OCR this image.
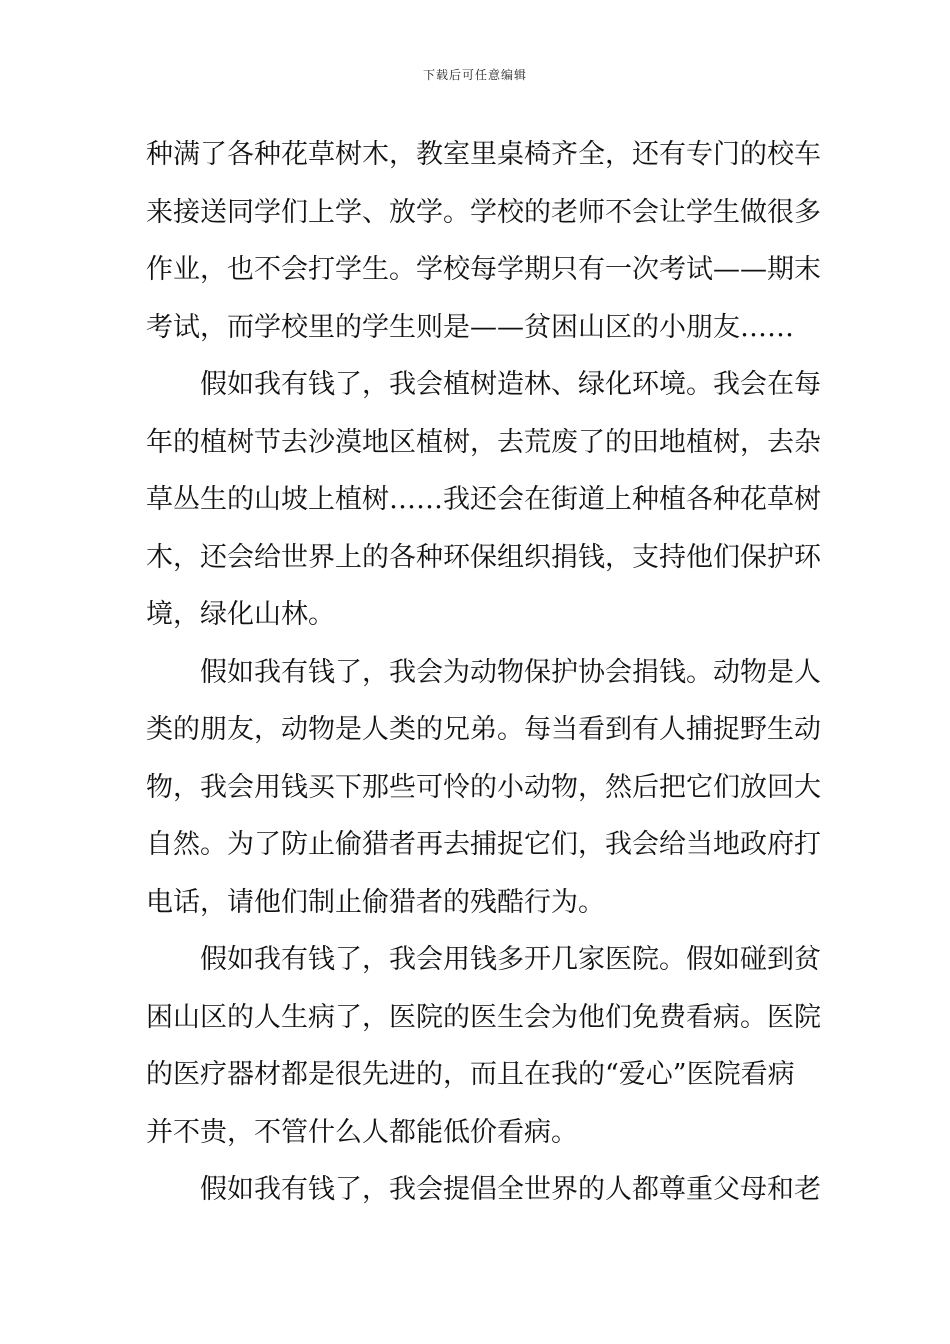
下载后可任意编辑
种满了各种花草树木，教室里桌椅齐全，还有专门的校车
来接送同学们上学、放学。学校的老师不会让学生做很多
作业，也不会打学生。学校每学期只有一次考试——期末
考试，而学校里的学生则是——贫困山区的小朋友……
假如我有钱了，我会植树造林、绿化环境。我会在每
年的植树节去沙漠地区植树，去荒废了的田地植树，去杂
草丛生的山坡上植树……我还会在街道上种植各种花草树
木，还会给世界上的各种环保组织捐钱，支持他们保护环
境，绿化山林。
假如我有钱了，我会为动物保护协会捐钱。动物是人
类的朋友，动物是人类的兄弟。每当看到有人捕捉野生动
物，我会用钱买下那些可怜的小动物，然后把它们放回大
自然。为了防止偷猎者再去捕捉它们，我会给当地政府打
电话，请他们制止偷猎者的残酷行为。
假如我有钱了，我会用钱多开几家医院。假如碰到贫
困山区的人生病了，医院的医生会为他们免费看病。医院
的医疗器材都是很先进的，而且在我的“爱心”医院看病
并不贵，不管什么人都能低价看病。
假如我有钱了，我会提倡全世界的人都尊重父母和老
